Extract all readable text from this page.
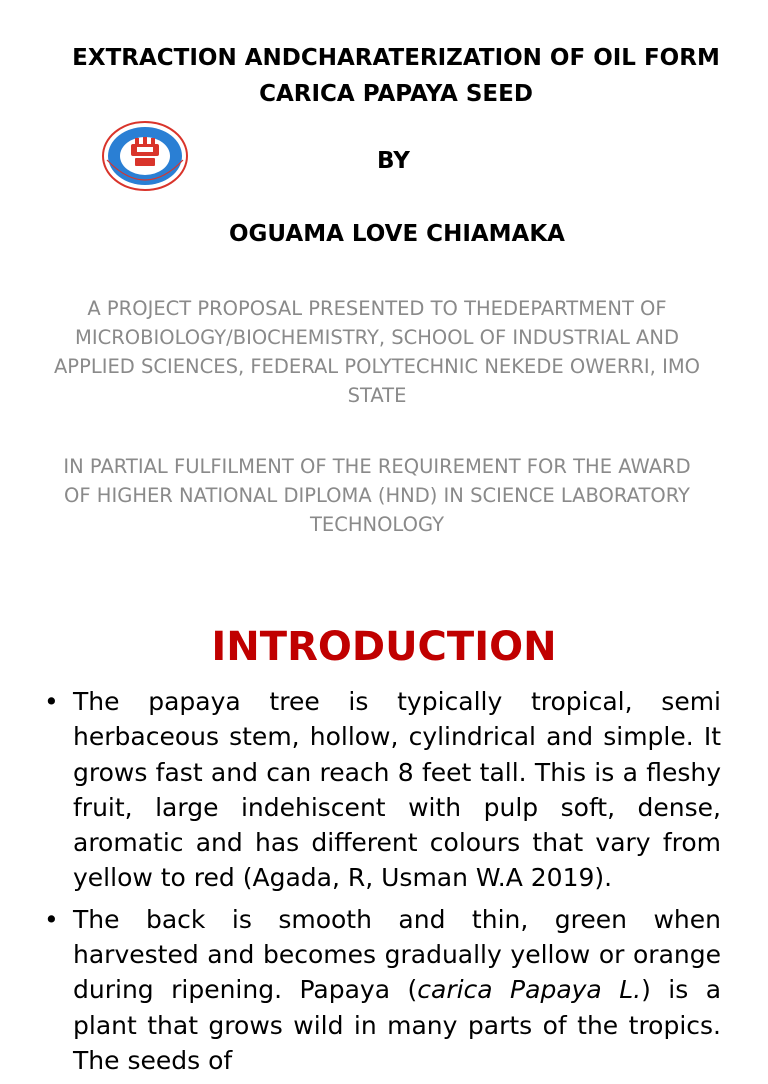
EXTRACTION ANDCHARATERIZATION OF OIL FORM CARICA PAPAYA SEED
BY
OGUAMA LOVE CHIAMAKA
A PROJECT PROPOSAL PRESENTED TO THEDEPARTMENT OF MICROBIOLOGY/BIOCHEMISTRY, SCHOOL OF INDUSTRIAL AND APPLIED SCIENCES, FEDERAL POLYTECHNIC NEKEDE OWERRI, IMO STATE
IN PARTIAL FULFILMENT OF THE REQUIREMENT FOR THE AWARD OF HIGHER NATIONAL DIPLOMA (HND) IN SCIENCE LABORATORY TECHNOLOGY
INTRODUCTION
• The papaya tree is typically tropical, semi herbaceous stem, hollow, cylindrical and simple. It grows fast and can reach 8 feet tall. This is a fleshy fruit, large indehiscent with pulp soft, dense, aromatic and has different colours that vary from yellow to red (Agada, R, Usman W.A 2019).
• The back is smooth and thin, green when harvested and becomes gradually yellow or orange during ripening. Papaya (carica Papaya L.) is a plant that grows wild in many parts of the tropics. The seeds of
